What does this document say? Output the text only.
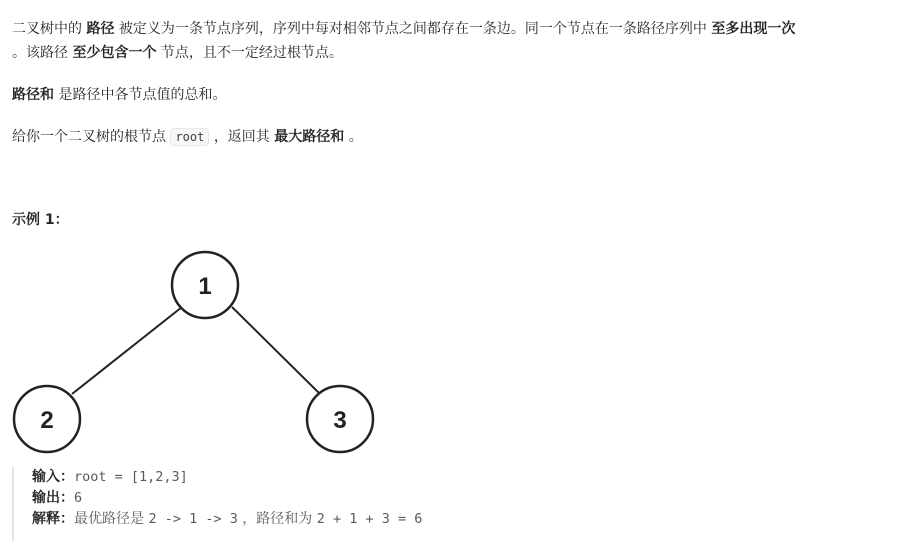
二叉树中的 路径 被定义为一条节点序列，序列中每对相邻节点之间都存在一条边。同一个节点在一条路径序列中 至多出现一次

。该路径 至少包含一个 节点，且不一定经过根节点。

路径和 是路径中各节点值的总和。

给你一个二叉树的根节点 root ，返回其 最大路径和 。

示例 1：

1
2	3
输入：root = [1,2,3]
输出：6
解释：最优路径是 2 -> 1 -> 3 ，路径和为 2 + 1 + 3 = 6
